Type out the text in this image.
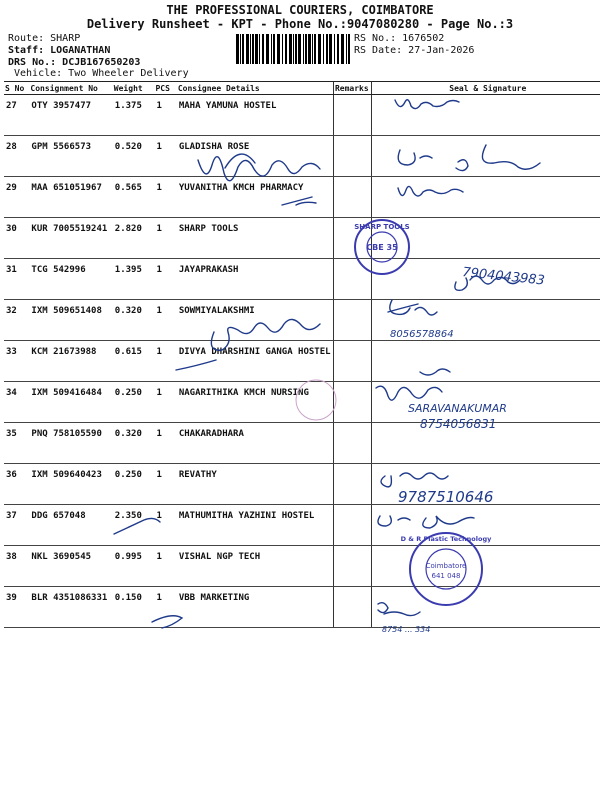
THE PROFESSIONAL COURIERS, COIMBATORE
Delivery Runsheet - KPT - Phone No.:9047080280 - Page No.:3
Route: SHARP
Staff: LOGANATHAN
DRS No.: DCJB167650203
Vehicle: Two Wheeler Delivery
RS No.: 1676502
RS Date: 27-Jan-2026
S No	Consignment No	Weight	PCS	Consignee Details	Remarks	Seal & Signature
27	OTY 3957477	1.375	1	MAHA YAMUNA HOSTEL		
28	GPM 5566573	0.520	1	GLADISHA ROSE		
29	MAA 651051967	0.565	1	YUVANITHA KMCH PHARMACY		
30	KUR 7005519241	2.820	1	SHARP TOOLS		
31	TCG 542996	1.395	1	JAYAPRAKASH		
32	IXM 509651408	0.320	1	SOWMIYALAKSHMI		
33	KCM 21673988	0.615	1	DIVYA DHARSHINI GANGA HOSTEL		
34	IXM 509416484	0.250	1	NAGARITHIKA KMCH NURSING		
35	PNQ 758105590	0.320	1	CHAKARADHARA		
36	IXM 509640423	0.250	1	REVATHY		
37	DDG 657048	2.350	1	MATHUMITHA YAZHINI HOSTEL		
38	NKL 3690545	0.995	1	VISHAL NGP TECH		
39	BLR 4351086331	0.150	1	VBB MARKETING		
7904043983
8056578864
SARAVANAKUMAR
8754056831
9787510646
8754 ... 334
CBE 35
SHARP TOOLS
D & R Plastic Technology
Coimbatore
641 048
